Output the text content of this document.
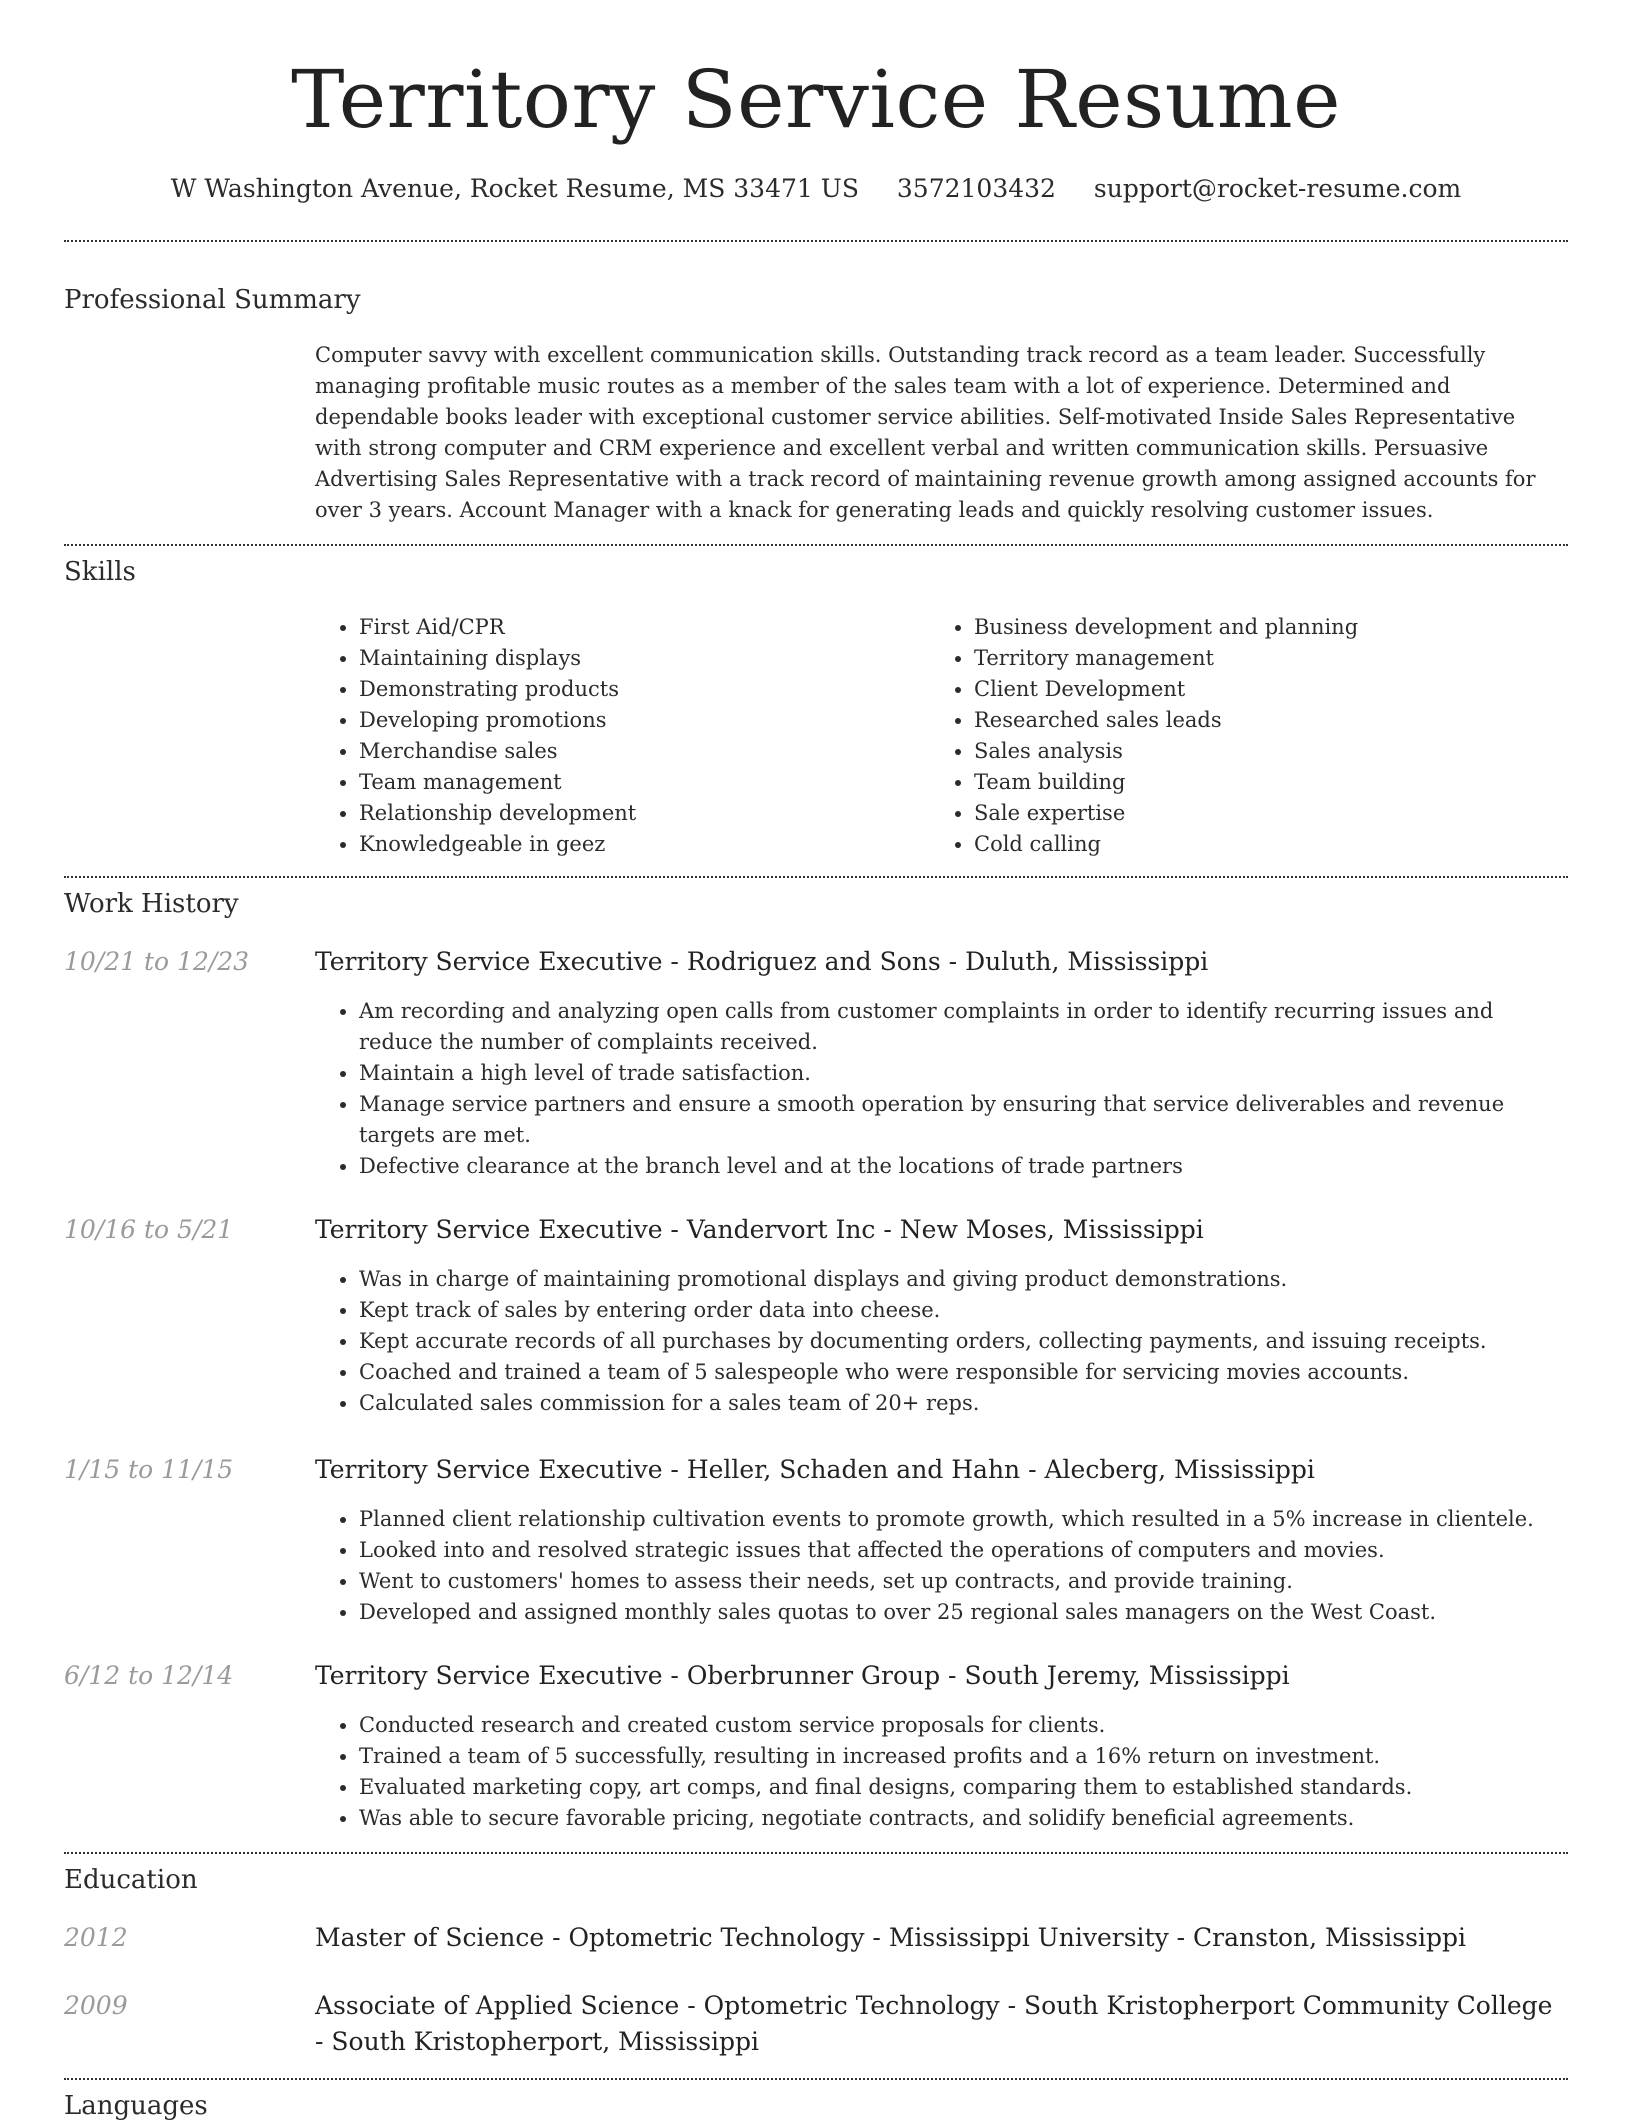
Territory Service Resume
W Washington Avenue, Rocket Resume, MS 33471 US 3572103432 support@rocket-resume.com
Professional Summary
Computer savvy with excellent communication skills. Outstanding track record as a team leader. Successfully managing profitable music routes as a member of the sales team with a lot of experience. Determined and dependable books leader with exceptional customer service abilities. Self-motivated Inside Sales Representative with strong computer and CRM experience and excellent verbal and written communication skills. Persuasive Advertising Sales Representative with a track record of maintaining revenue growth among assigned accounts for over 3 years. Account Manager with a knack for generating leads and quickly resolving customer issues.
Skills
• First Aid/CPR
• Maintaining displays
• Demonstrating products
• Developing promotions
• Merchandise sales
• Team management
• Relationship development
• Knowledgeable in geez
• Business development and planning
• Territory management
• Client Development
• Researched sales leads
• Sales analysis
• Team building
• Sale expertise
• Cold calling
Work History
10/21 to 12/23	Territory Service Executive - Rodriguez and Sons - Duluth, Mississippi
• Am recording and analyzing open calls from customer complaints in order to identify recurring issues and reduce the number of complaints received.
• Maintain a high level of trade satisfaction.
• Manage service partners and ensure a smooth operation by ensuring that service deliverables and revenue targets are met.
• Defective clearance at the branch level and at the locations of trade partners
10/16 to 5/21	Territory Service Executive - Vandervort Inc - New Moses, Mississippi
• Was in charge of maintaining promotional displays and giving product demonstrations.
• Kept track of sales by entering order data into cheese.
• Kept accurate records of all purchases by documenting orders, collecting payments, and issuing receipts.
• Coached and trained a team of 5 salespeople who were responsible for servicing movies accounts.
• Calculated sales commission for a sales team of 20+ reps.
1/15 to 11/15	Territory Service Executive - Heller, Schaden and Hahn - Alecberg, Mississippi
• Planned client relationship cultivation events to promote growth, which resulted in a 5% increase in clientele.
• Looked into and resolved strategic issues that affected the operations of computers and movies.
• Went to customers' homes to assess their needs, set up contracts, and provide training.
• Developed and assigned monthly sales quotas to over 25 regional sales managers on the West Coast.
6/12 to 12/14	Territory Service Executive - Oberbrunner Group - South Jeremy, Mississippi
• Conducted research and created custom service proposals for clients.
• Trained a team of 5 successfully, resulting in increased profits and a 16% return on investment.
• Evaluated marketing copy, art comps, and final designs, comparing them to established standards.
• Was able to secure favorable pricing, negotiate contracts, and solidify beneficial agreements.
Education
2012	Master of Science - Optometric Technology - Mississippi University - Cranston, Mississippi
2009	Associate of Applied Science - Optometric Technology - South Kristopherport Community College - South Kristopherport, Mississippi
Languages
